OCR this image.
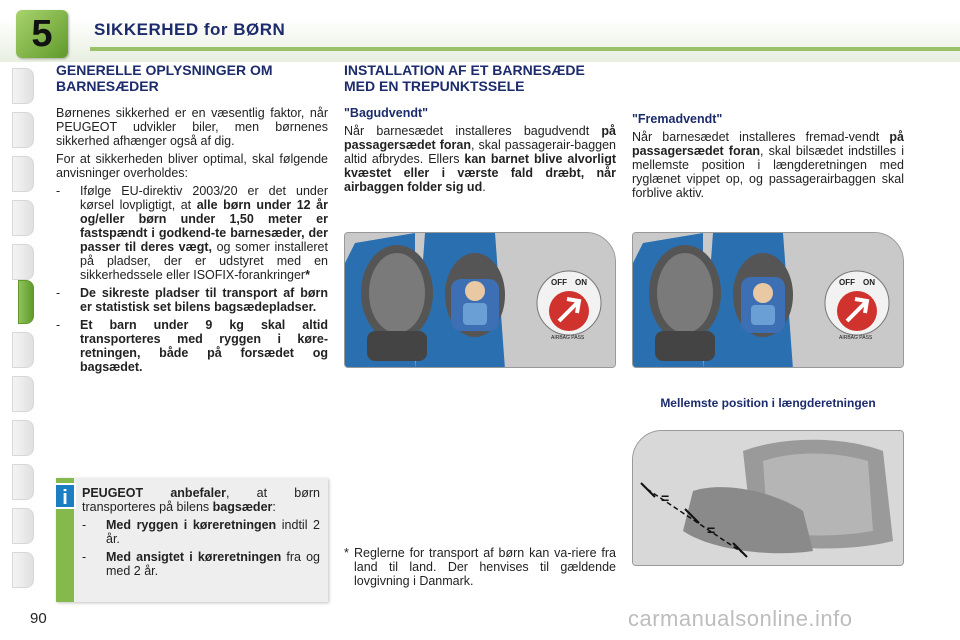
5	SIKKERHED for BØRN
GENERELLE OPLYSNINGER OM BARNESÆDER

Børnenes sikkerhed er en væsentlig faktor, når PEUGEOT udvikler biler, men børnenes sikkerhed afhænger også af dig.

For at sikkerheden bliver optimal, skal følgende anvisninger overholdes:

- Ifølge EU-direktiv 2003/20 er det under kørsel lovpligtigt, at alle børn under 12 år og/eller børn under 1,50 meter er fastspændt i godkend-te barnesæder, der passer til deres vægt, og somer installeret på pladser, der er udstyret med en sikkerhedssele eller ISOFIX-forankringer*
- De sikreste pladser til transport af børn er statistisk set bilens bagsædepladser.
- Et barn under 9 kg skal altid transporteres med ryggen i køre-retningen, både på forsædet og bagsædet.

PEUGEOT anbefaler, at børn transporteres på bilens bagsæder:

- Med ryggen i køreretningen indtil 2 år.
- Med ansigtet i køreretningen fra og med 2 år.
i
INSTALLATION AF ET BARNESÆDE MED EN TREPUNKTSSELE
"Bagudvendt"

Når barnesædet installeres bagudvendt på passagersædet foran, skal passagerair-baggen altid afbrydes. Ellers kan barnet blive alvorligt kvæstet eller i værste fald dræbt, når airbaggen folder sig ud.

"Fremadvendt"

Når barnesædet installeres fremad-vendt på passagersædet foran, skal bilsædet indstilles i mellemste position i længderetningen med ryglænet vippet op, og passagerairbaggen skal forblive aktiv.

OFF ON
AIRBAG PASS
OFF ON
AIRBAG PASS
Mellemste position i længderetningen
=
=
* Reglerne for transport af børn kan va-riere fra land til land. Der henvises til gældende lovgivning i Danmark.
90	carmanualsonline.info
